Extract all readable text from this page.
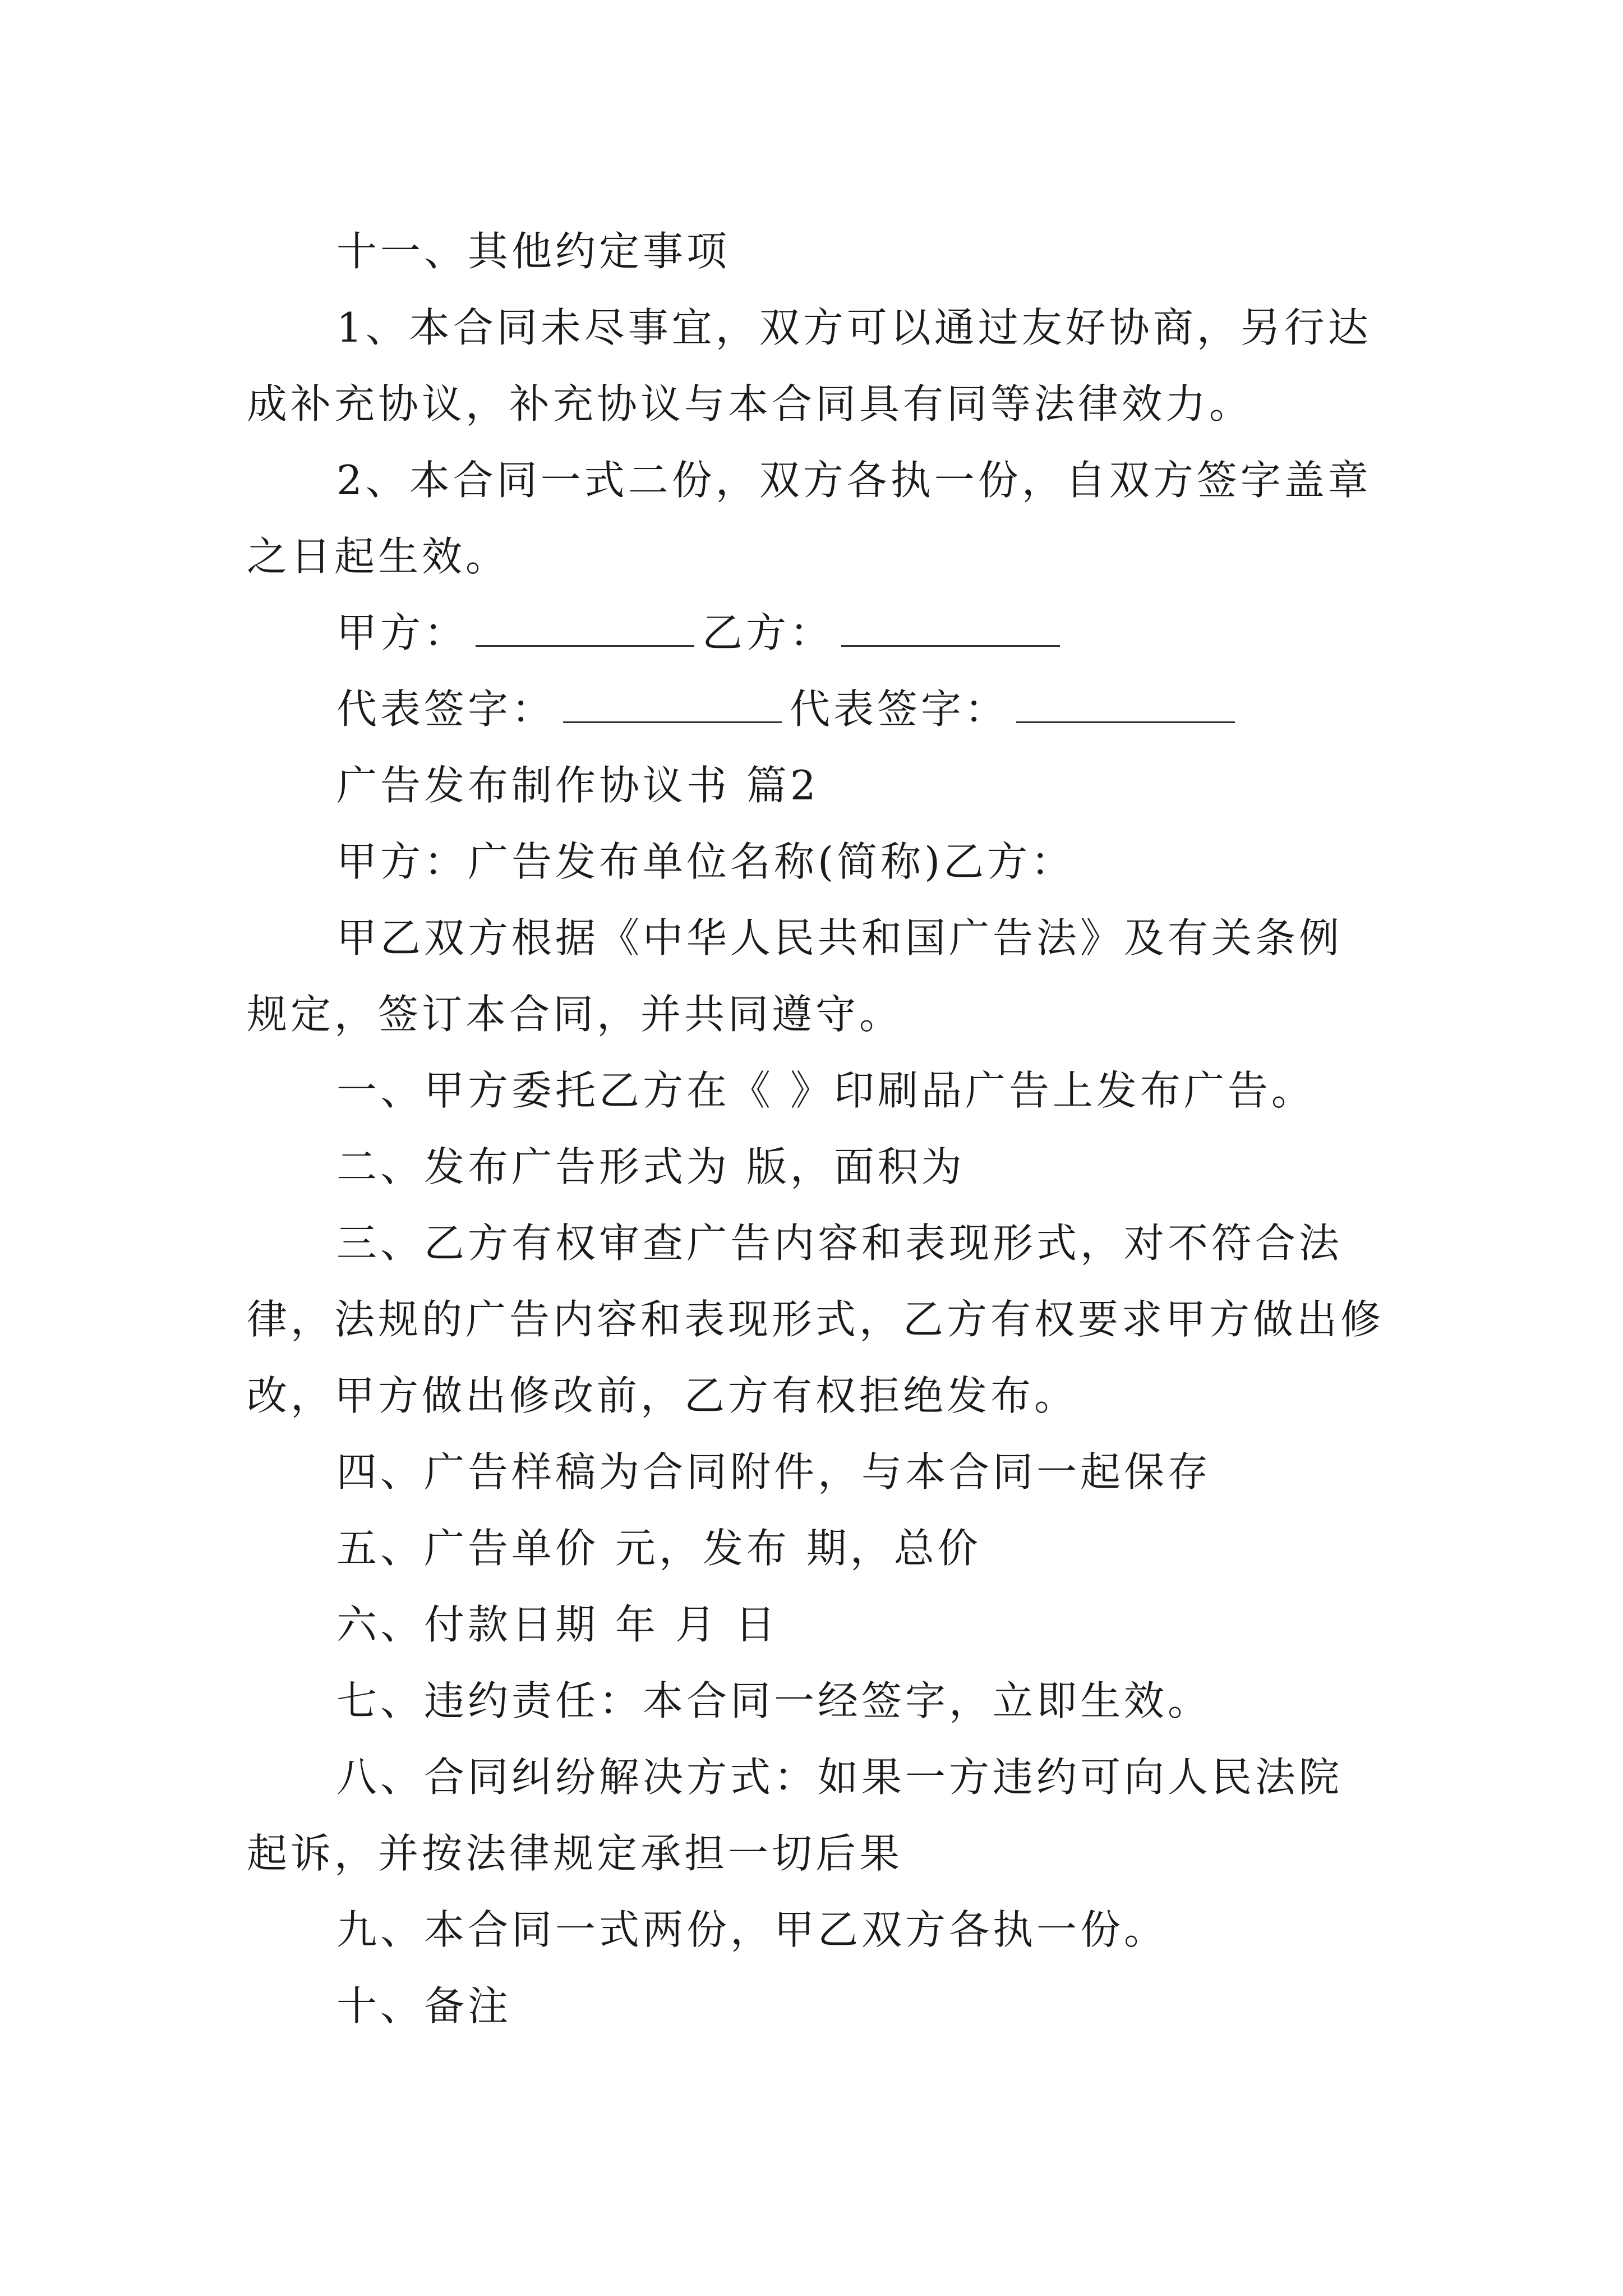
十一、其他约定事项

1、本合同未尽事宜，双方可以通过友好协商，另行达成补充协议，补充协议与本合同具有同等法律效力。

2、本合同一式二份，双方各执一份，自双方签字盖章之日起生效。

甲方：	乙方：

代表签字：	代表签字：

广告发布制作协议书 篇2

甲方：广告发布单位名称(简称)乙方：

甲乙双方根据《中华人民共和国广告法》及有关条例规定，签订本合同，并共同遵守。

一、甲方委托乙方在《 》印刷品广告上发布广告。

二、发布广告形式为 版，面积为

三、乙方有权审查广告内容和表现形式，对不符合法律，法规的广告内容和表现形式，乙方有权要求甲方做出修改，甲方做出修改前，乙方有权拒绝发布。

四、广告样稿为合同附件，与本合同一起保存

五、广告单价 元，发布 期，总价

六、付款日期 年 月 日

七、违约责任：本合同一经签字，立即生效。

八、合同纠纷解决方式：如果一方违约可向人民法院起诉，并按法律规定承担一切后果

九、本合同一式两份，甲乙双方各执一份。

十、备注
